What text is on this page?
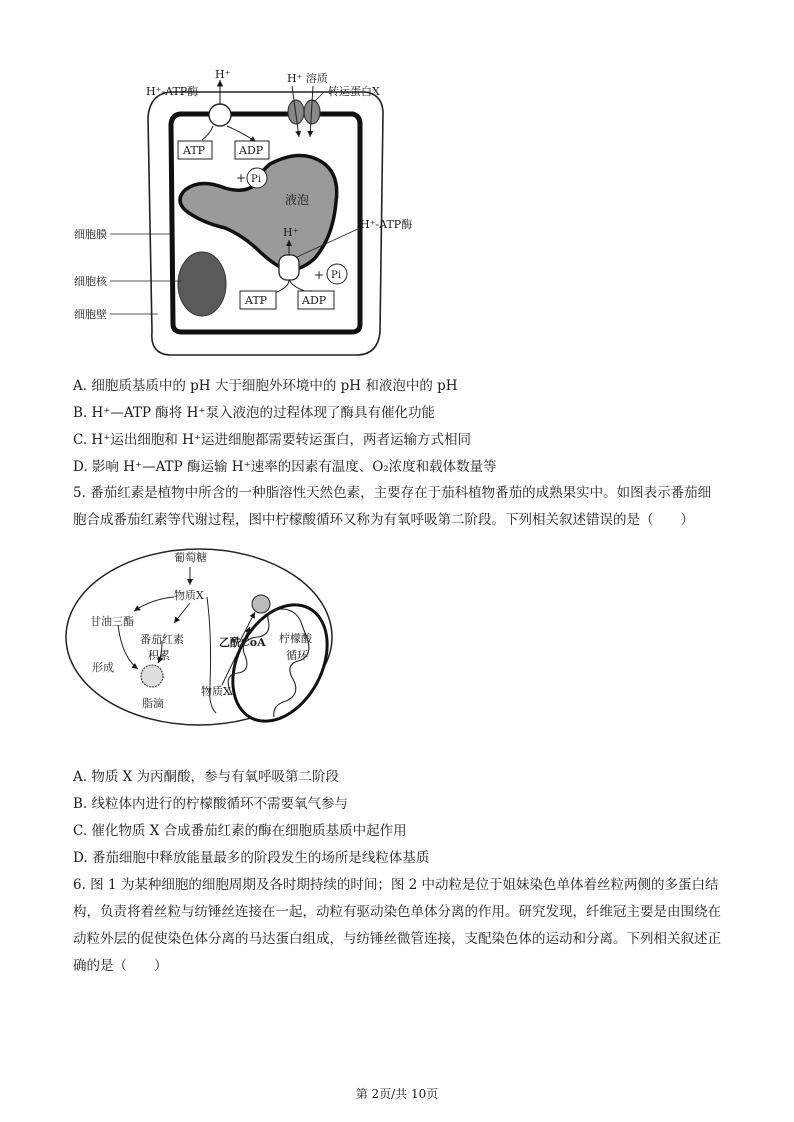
H⁺
H⁺-ATP酶
H⁺ 溶质
转运蛋白X
ATP	ADP
+ Pi
液泡
H⁺-ATP酶
H⁺
+ Pi
ATP	ADP
细胞膜
细胞核
细胞壁
A. 细胞质基质中的 pH 大于细胞外环境中的 pH 和液泡中的 pH
B. H⁺—ATP 酶将 H⁺泵入液泡的过程体现了酶具有催化功能
C. H⁺运出细胞和 H⁺运进细胞都需要转运蛋白，两者运输方式相同
D. 影响 H⁺—ATP 酶运输 H⁺速率的因素有温度、O₂浓度和载体数量等
5. 番茄红素是植物中所含的一种脂溶性天然色素，主要存在于茄科植物番茄的成熟果实中。如图表示番茄细胞合成番茄红素等代谢过程，图中柠檬酸循环又称为有氧呼吸第二阶段。下列相关叙述错误的是（　　）
葡萄糖
物质X
甘油三酯
番茄红素
积累
形成
脂滴
乙酰CoA 柠檬酸
循环
物质X
A. 物质 X 为丙酮酸，参与有氧呼吸第二阶段
B. 线粒体内进行的柠檬酸循环不需要氧气参与
C. 催化物质 X 合成番茄红素的酶在细胞质基质中起作用
D. 番茄细胞中释放能量最多的阶段发生的场所是线粒体基质
6. 图 1 为某种细胞的细胞周期及各时期持续的时间；图 2 中动粒是位于姐妹染色单体着丝粒两侧的多蛋白结构，负责将着丝粒与纺锤丝连接在一起，动粒有驱动染色单体分离的作用。研究发现，纤维冠主要是由围绕在动粒外层的促使染色体分离的马达蛋白组成，与纺锤丝微管连接，支配染色体的运动和分离。下列相关叙述正确的是（　　）
第 2页/共 10页
